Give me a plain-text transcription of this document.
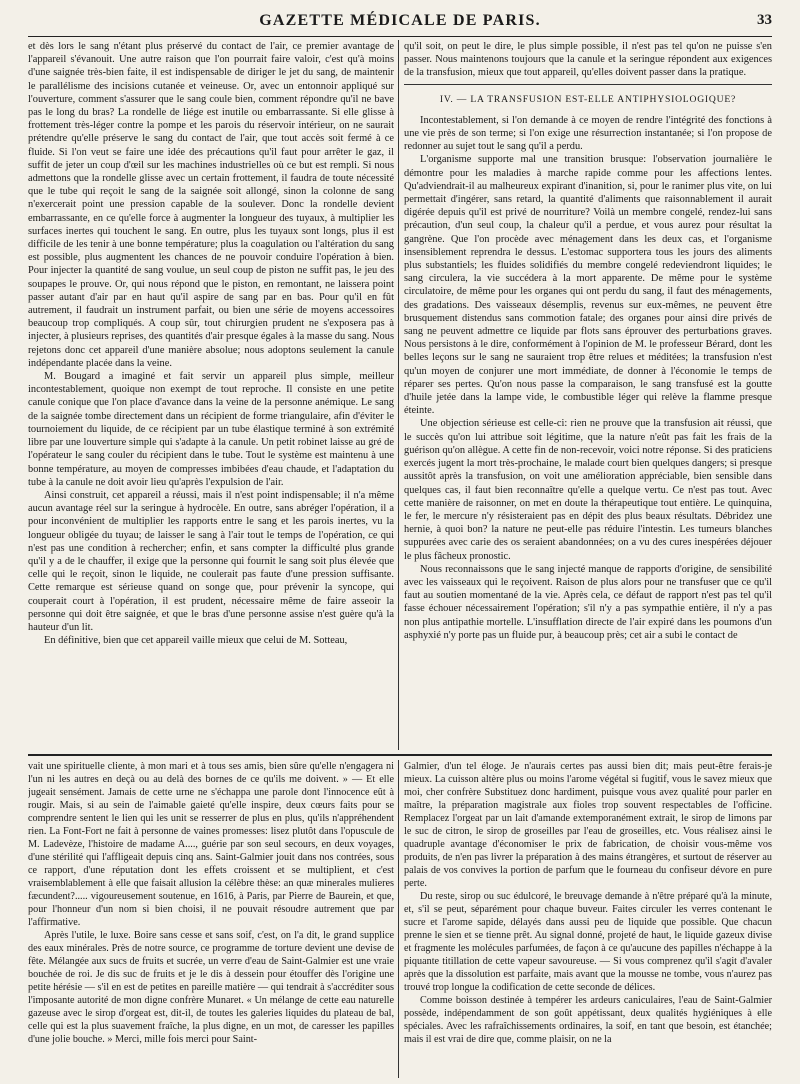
GAZETTE MÉDICALE DE PARIS.	33

et dès lors le sang n'étant plus préservé du contact de l'air, ce premier avantage de l'appareil s'évanouit. Une autre raison que l'on pourrait faire valoir, c'est qu'à moins d'une saignée très-bien faite, il est indispensable de diriger le jet du sang, de maintenir le parallélisme des incisions cutanée et veineuse. Or, avec un entonnoir appliqué sur l'ouverture, comment s'assurer que le sang coule bien, comment répondre qu'il ne bave pas le long du bras? La rondelle de liége est inutile ou embarrassante. Si elle glisse à frottement très-léger contre la pompe et les parois du réservoir intérieur, on ne saurait prétendre qu'elle préserve le sang du contact de l'air, que tout accès soit fermé à ce fluide. Si l'on veut se faire une idée des précautions qu'il faut pour arrêter le gaz, il suffit de jeter un coup d'œil sur les machines industrielles où ce but est rempli. Si nous admettons que la rondelle glisse avec un certain frottement, il faudra de toute nécessité que le tube qui reçoit le sang de la saignée soit allongé, sinon la colonne de sang n'exercerait point une pression capable de la soulever. Donc la rondelle devient embarrassante, en ce qu'elle force à augmenter la longueur des tuyaux, à multiplier les surfaces inertes qui touchent le sang. En outre, plus les tuyaux sont longs, plus il est difficile de les tenir à une bonne température; plus la coagulation ou l'altération du sang est possible, plus augmentent les chances de ne pouvoir conduire l'opération à bien. Pour injecter la quantité de sang voulue, un seul coup de piston ne suffit pas, le jeu des soupapes le prouve. Or, qui nous répond que le piston, en remontant, ne laissera point passer autant d'air par en haut qu'il aspire de sang par en bas. Pour qu'il en fût autrement, il faudrait un instrument parfait, ou bien une série de moyens accessoires beaucoup trop compliqués. A coup sûr, tout chirurgien prudent ne s'exposera pas à injecter, à plusieurs reprises, des quantités d'air presque égales à la masse du sang. Nous rejetons donc cet appareil d'une manière absolue; nous adoptons seulement la canule indépendante placée dans la veine.

M. Bougard a imaginé et fait servir un appareil plus simple, meilleur incontestablement, quoique non exempt de tout reproche. Il consiste en une petite canule conique que l'on place d'avance dans la veine de la personne anémique. Le sang de la saignée tombe directement dans un récipient de forme triangulaire, afin d'éviter le tournoiement du liquide, de ce récipient par un tube élastique terminé à son extrémité libre par une louverture simple qui s'adapte à la canule. Un petit robinet laisse au gré de l'opérateur le sang couler du récipient dans le tube. Tout le système est maintenu à une bonne température, au moyen de compresses imbibées d'eau chaude, et l'adaptation du tube à la canule ne doit avoir lieu qu'après l'expulsion de l'air.

Ainsi construit, cet appareil a réussi, mais il n'est point indispensable; il n'a même aucun avantage réel sur la seringue à hydrocèle. En outre, sans abréger l'opération, il a pour inconvénient de multiplier les rapports entre le sang et les parois inertes, vu la longueur obligée du tuyau; de laisser le sang à l'air tout le temps de l'opération, ce qui n'est pas une condition à rechercher; enfin, et sans compter la difficulté plus grande qu'il y a de le chauffer, il exige que la personne qui fournit le sang soit plus élevée que celle qui le reçoit, sinon le liquide, ne coulerait pas faute d'une pression suffisante. Cette remarque est sérieuse quand on songe que, pour prévenir la syncope, qui couperait court à l'opération, il est prudent, nécessaire même de faire asseoir la personne qui doit être saignée, et que le bras d'une personne assise n'est guère qu'à la hauteur d'un lit.

En définitive, bien que cet appareil vaille mieux que celui de M. Sotteau,

qu'il soit, on peut le dire, le plus simple possible, il n'est pas tel qu'on ne puisse s'en passer. Nous maintenons toujours que la canule et la seringue répondent aux exigences de la transfusion, mieux que tout appareil, qu'elles doivent passer dans la pratique.

IV. — LA TRANSFUSION EST-ELLE ANTIPHYSIOLOGIQUE?

Incontestablement, si l'on demande à ce moyen de rendre l'intégrité des fonctions à une vie près de son terme; si l'on exige une résurrection instantanée; si l'on propose de redonner au sujet tout le sang qu'il a perdu.

L'organisme supporte mal une transition brusque: l'observation journalière le démontre pour les maladies à marche rapide comme pour les affections lentes. Qu'adviendrait-il au malheureux expirant d'inanition, si, pour le ranimer plus vite, on lui permettait d'ingérer, sans retard, la quantité d'aliments que raisonnablement il aurait digérée depuis qu'il est privé de nourriture? Voilà un membre congelé, rendez-lui sans précaution, d'un seul coup, la chaleur qu'il a perdue, et vous aurez pour résultat la gangrène. Que l'on procède avec ménagement dans les deux cas, et l'organisme insensiblement reprendra le dessus. L'estomac supportera tous les jours des aliments plus substantiels; les fluides solidifiés du membre congelé redeviendront liquides; le sang circulera, la vie succédera à la mort apparente. De même pour le système circulatoire, de même pour les organes qui ont perdu du sang, il faut des ménagements, des gradations. Des vaisseaux désemplis, revenus sur eux-mêmes, ne peuvent être brusquement distendus sans commotion fatale; des organes pour ainsi dire privés de sang ne peuvent admettre ce liquide par flots sans éprouver des perturbations graves. Nous persistons à le dire, conformément à l'opinion de M. le professeur Bérard, dont les belles leçons sur le sang ne sauraient trop être relues et méditées; la transfusion n'est qu'un moyen de conjurer une mort immédiate, de donner à l'économie le temps de réparer ses pertes. Qu'on nous passe la comparaison, le sang transfusé est la goutte d'huile jetée dans la lampe vide, le combustible léger qui relève la flamme presque éteinte.

Une objection sérieuse est celle-ci: rien ne prouve que la transfusion ait réussi, que le succès qu'on lui attribue soit légitime, que la nature n'eût pas fait les frais de la guérison qu'on allègue. A cette fin de non-recevoir, voici notre réponse. Si des praticiens exercés jugent la mort très-prochaine, le malade court bien quelques dangers; si presque aussitôt après la transfusion, on voit une amélioration appréciable, bien sensible dans quelques cas, il faut bien reconnaître qu'elle a quelque vertu. Ce n'est pas tout. Avec cette manière de raisonner, on met en doute la thérapeutique tout entière. Le quinquina, le fer, le mercure n'y résisteraient pas en dépit des plus beaux résultats. Débridez une hernie, à quoi bon? la nature ne peut-elle pas réduire l'intestin. Les tumeurs blanches suppurées avec carie des os seraient abandonnées; on a vu des cures inespérées déjouer le plus fâcheux pronostic.

Nous reconnaissons que le sang injecté manque de rapports d'origine, de sensibilité avec les vaisseaux qui le reçoivent. Raison de plus alors pour ne transfuser que ce qu'il faut au soutien momentané de la vie. Après cela, ce défaut de rapport n'est pas tel qu'il fasse échouer nécessairement l'opération; s'il n'y a pas sympathie entière, il n'y a pas non plus antipathie mortelle. L'insufflation directe de l'air expiré dans les poumons d'un asphyxié n'y porte pas un fluide pur, à beaucoup près; cet air a subi le contact de

vait une spirituelle cliente, à mon mari et à tous ses amis, bien sûre qu'elle n'engagera ni l'un ni les autres en deçà ou au delà des bornes de ce qu'ils me doivent. » — Et elle jugeait sensément. Jamais de cette urne ne s'échappa une parole dont l'innocence eût à rougir. Mais, si au sein de l'aimable gaieté qu'elle inspire, deux cœurs faits pour se comprendre sentent le lien qui les unit se resserrer de plus en plus, qu'ils n'appréhendent rien. La Font-Fort ne fait à personne de vaines promesses: lisez plutôt dans l'opuscule de M. Ladevèze, l'histoire de madame A...., guérie par son seul secours, en deux voyages, d'une stérilité qui l'affligeait depuis cinq ans. Saint-Galmier jouit dans nos contrées, sous ce rapport, d'une réputation dont les effets croissent et se multiplient, et c'est vraisemblablement à elle que faisait allusion la célèbre thèse: an quæ minerales mulieres fæcundent?..... vigoureusement soutenue, en 1616, à Paris, par Pierre de Baurein, et que, pour l'honneur d'un nom si bien choisi, il ne pouvait résoudre autrement que par l'affirmative.

Après l'utile, le luxe. Boire sans cesse et sans soif, c'est, on l'a dit, le grand supplice des eaux minérales. Près de notre source, ce programme de torture devient une devise de fête. Mélangée aux sucs de fruits et sucrée, un verre d'eau de Saint-Galmier est une vraie bouchée de roi. Je dis suc de fruits et je le dis à dessein pour étouffer dès l'origine une petite hérésie — s'il en est de petites en pareille matière — qui tendrait à s'accréditer sous l'imposante autorité de mon digne confrère Munaret. « Un mélange de cette eau naturelle gazeuse avec le sirop d'orgeat est, dit-il, de toutes les galeries liquides du plateau de bal, celle qui est la plus suavement fraîche, la plus digne, en un mot, de caresser les papilles d'une jolie bouche. » Merci, mille fois merci pour Saint-

Galmier, d'un tel éloge. Je n'aurais certes pas aussi bien dit; mais peut-être ferais-je mieux. La cuisson altère plus ou moins l'arome végétal si fugitif, vous le savez mieux que moi, cher confrère Substituez donc hardiment, puisque vous avez qualité pour parler en maître, la préparation magistrale aux fioles trop souvent respectables de l'officine. Remplacez l'orgeat par un lait d'amande extemporanément extrait, le sirop de limons par le suc de citron, le sirop de groseilles par l'eau de groseilles, etc. Vous réalisez ainsi le quadruple avantage d'économiser le prix de fabrication, de choisir vous-même vos produits, de n'en pas livrer la préparation à des mains étrangères, et surtout de réserver au palais de vos convives la portion de parfum que le fourneau du confiseur dévore en pure perte.

Du reste, sirop ou suc édulcoré, le breuvage demande à n'être préparé qu'à la minute, et, s'il se peut, séparément pour chaque buveur. Faites circuler les verres contenant le sucre et l'arome sapide, délayés dans aussi peu de liquide que possible. Que chacun prenne le sien et se tienne prêt. Au signal donné, projeté de haut, le liquide gazeux divise et fragmente les molécules parfumées, de façon à ce qu'aucune des papilles n'échappe à la piquante titillation de cette vapeur savoureuse. — Si vous comprenez qu'il s'agit d'avaler après que la dissolution est parfaite, mais avant que la mousse ne tombe, vous n'aurez pas trouvé trop longue la codification de cette seconde de délices.

Comme boisson destinée à tempérer les ardeurs caniculaires, l'eau de Saint-Galmier possède, indépendamment de son goût appétissant, deux qualités hygiéniques à elle spéciales. Avec les rafraîchissements ordinaires, la soif, en tant que besoin, est étanchée; mais il est vrai de dire que, comme plaisir, on ne la
